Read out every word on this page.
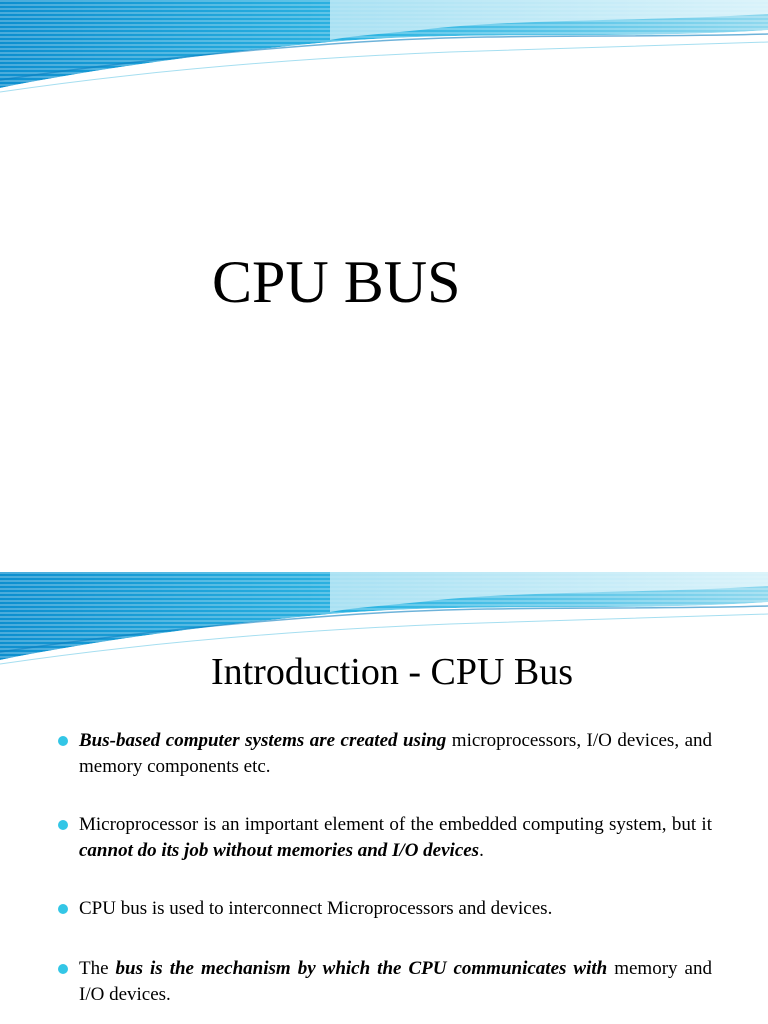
CPU BUS
Introduction - CPU Bus
Bus-based computer systems are created using microprocessors, I/O devices, and memory components etc.
Microprocessor is an important element of the embedded computing system, but it cannot do its job without memories and I/O devices.
CPU bus is used to interconnect Microprocessors and devices.
The bus is the mechanism by which the CPU communicates with memory and I/O devices.
